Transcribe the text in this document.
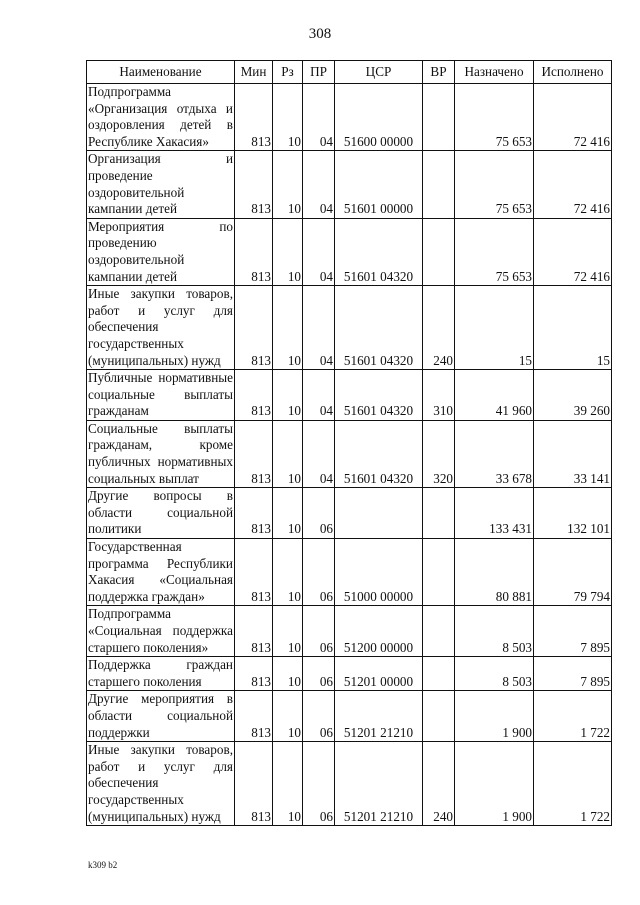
308
Наименование	Мин	Рз	ПР	ЦСР	ВР	Назначено	Исполнено
Подпрограмма «Организация отдыха и оздоровления детей в Республике Хакасия»	813	10	04	51600 00000		75 653	72 416
Организация и проведение оздоровительной кампании детей	813	10	04	51601 00000		75 653	72 416
Мероприятия по проведению оздоровительной кампании детей	813	10	04	51601 04320		75 653	72 416
Иные закупки товаров, работ и услуг для обеспечения государственных (муниципальных) нужд	813	10	04	51601 04320	240	15	15
Публичные нормативные социальные выплаты гражданам	813	10	04	51601 04320	310	41 960	39 260
Социальные выплаты гражданам, кроме публичных нормативных социальных выплат	813	10	04	51601 04320	320	33 678	33 141
Другие вопросы в области социальной политики	813	10	06			133 431	132 101
Государственная программа Республики Хакасия «Социальная поддержка граждан»	813	10	06	51000 00000		80 881	79 794
Подпрограмма «Социальная поддержка старшего поколения»	813	10	06	51200 00000		8 503	7 895
Поддержка граждан старшего поколения	813	10	06	51201 00000		8 503	7 895
Другие мероприятия в области социальной поддержки	813	10	06	51201 21210		1 900	1 722
Иные закупки товаров, работ и услуг для обеспечения государственных (муниципальных) нужд	813	10	06	51201 21210	240	1 900	1 722
k309 b2
